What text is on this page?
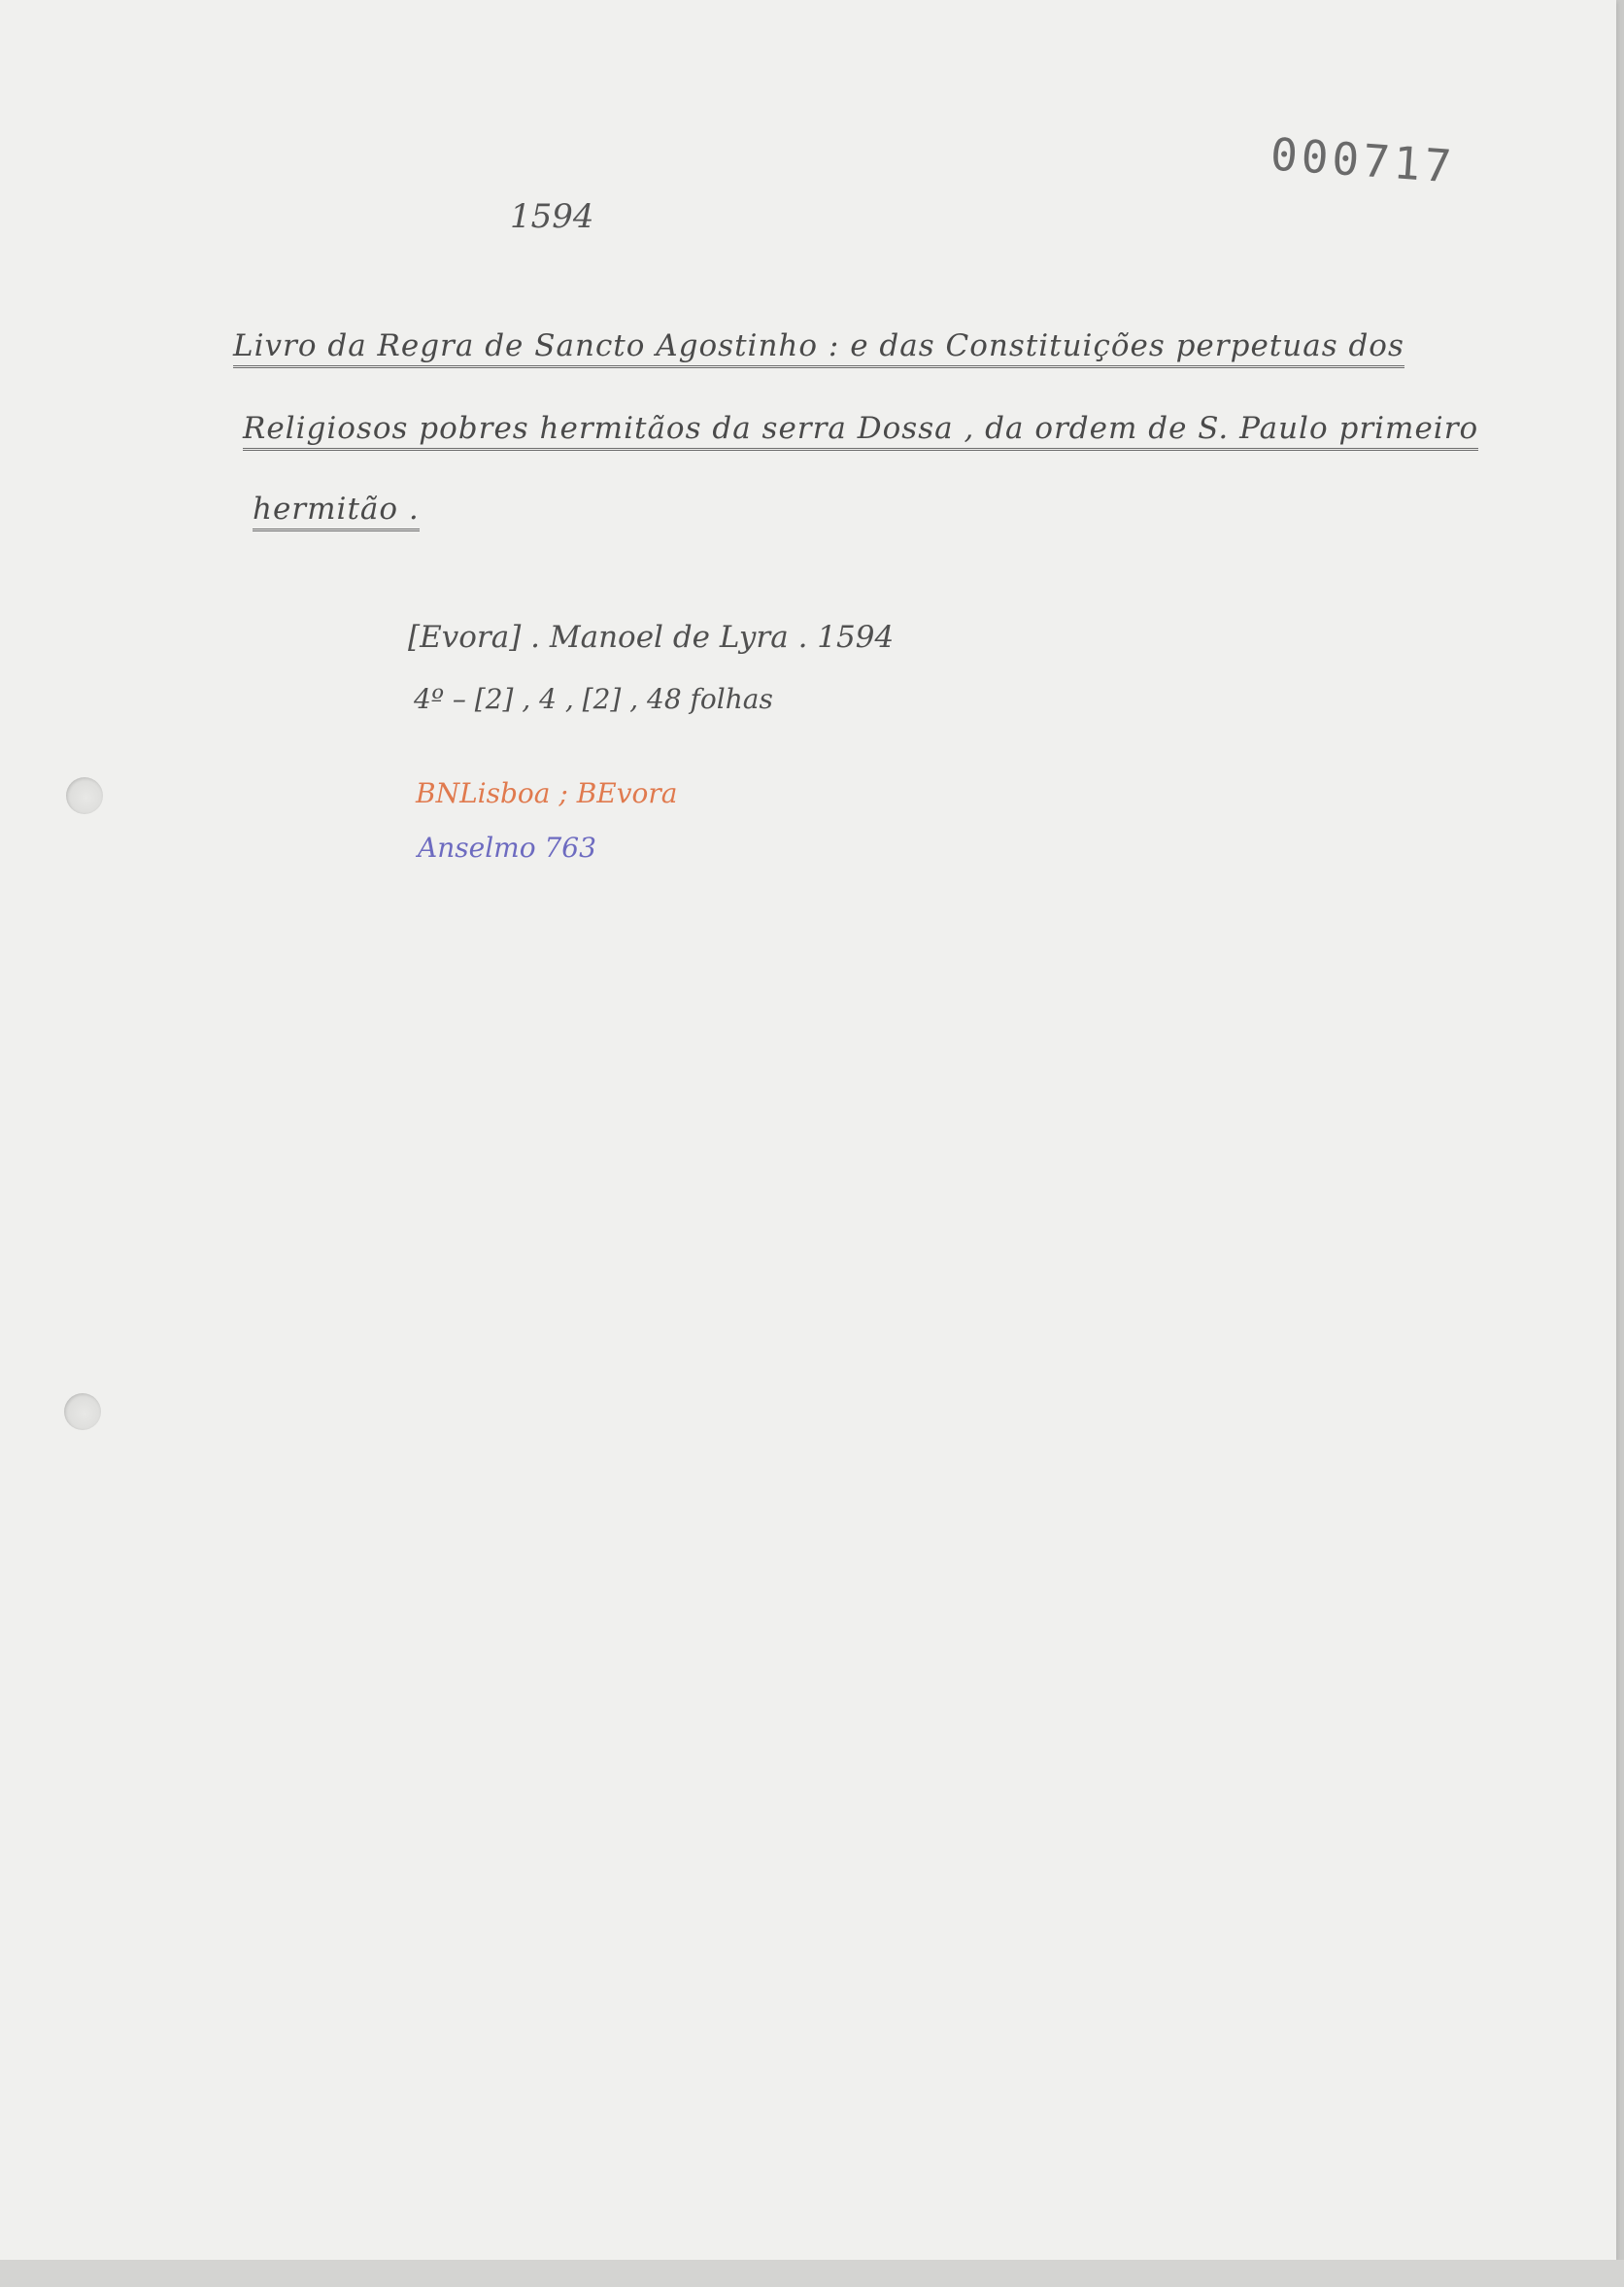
000717
1594
Livro da Regra de Sancto Agostinho : e das Constituições perpetuas dos
Religiosos pobres hermitãos da serra Dossa , da ordem de S. Paulo primeiro
hermitão .
[Evora] . Manoel de Lyra . 1594
4º – [2] , 4 , [2] , 48 folhas
BNLisboa ; BEvora
Anselmo 763
